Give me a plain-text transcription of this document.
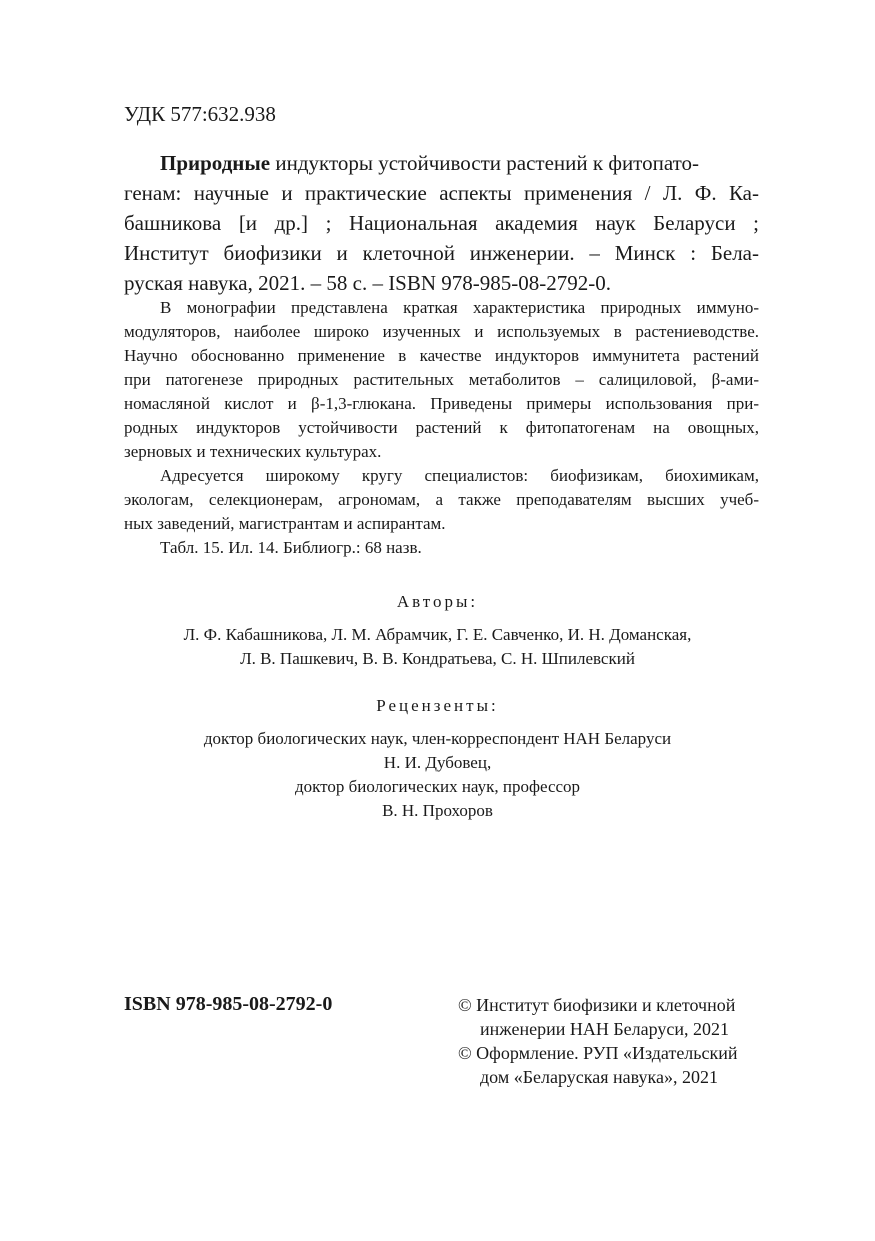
УДК 577:632.938

Природные индукторы устойчивости растений к фитопато-
генам: научные и практические аспекты применения / Л. Ф. Ка-
башникова [и др.] ; Национальная академия наук Беларуси ;
Институт биофизики и клеточной инженерии. – Минск : Бела-
руская навука, 2021. – 58 с. – ISBN 978-985-08-2792-0.
В монографии представлена краткая характеристика природных иммуно-
модуляторов, наиболее широко изученных и используемых в растениеводстве.
Научно обоснованно применение в качестве индукторов иммунитета растений
при патогенезе природных растительных метаболитов – салициловой, β-ами-
номасляной кислот и β-1,3-глюкана. Приведены примеры использования при-
родных индукторов устойчивости растений к фитопатогенам на овощных,
зерновых и технических культурах.
Адресуется широкому кругу специалистов: биофизикам, биохимикам,
экологам, селекционерам, агрономам, а также преподавателям высших учеб-
ных заведений, магистрантам и аспирантам.
Табл. 15. Ил. 14. Библиогр.: 68 назв.

Авторы:

Л. Ф. Кабашникова, Л. М. Абрамчик, Г. Е. Савченко, И. Н. Доманская,
Л. В. Пашкевич, В. В. Кондратьева, С. Н. Шпилевский

Рецензенты:

доктор биологических наук, член-корреспондент НАН Беларуси
Н. И. Дубовец,
доктор биологических наук, профессор
В. Н. Прохоров

ISBN 978-985-08-2792-0	© Институт биофизики и клеточной
инженерии НАН Беларуси, 2021
© Оформление. РУП «Издательский
дом «Беларуская навука», 2021
